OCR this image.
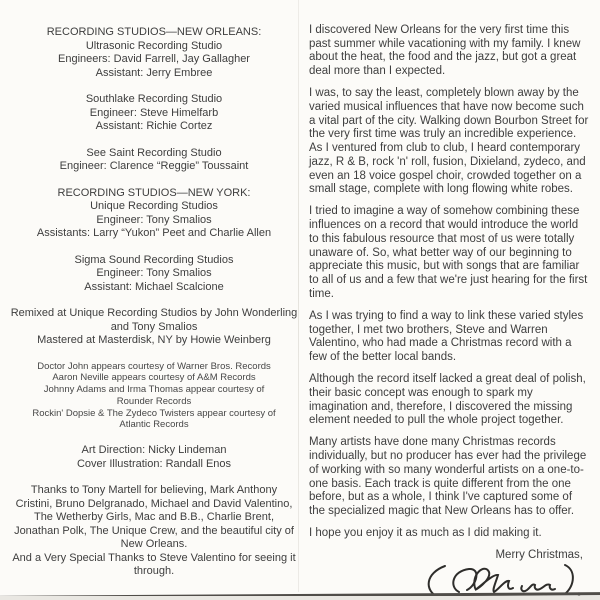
RECORDING STUDIOS—NEW ORLEANS:
Ultrasonic Recording Studio
Engineers: David Farrell, Jay Gallagher
Assistant: Jerry Embree
Southlake Recording Studio
Engineer: Steve Himelfarb
Assistant: Richie Cortez
See Saint Recording Studio
Engineer: Clarence “Reggie” Toussaint
RECORDING STUDIOS—NEW YORK:
Unique Recording Studios
Engineer: Tony Smalios
Assistants: Larry “Yukon” Peet and Charlie Allen
Sigma Sound Recording Studios
Engineer: Tony Smalios
Assistant: Michael Scalcione
Remixed at Unique Recording Studios by John Wonderling and Tony Smalios
Mastered at Masterdisk, NY by Howie Weinberg
Doctor John appears courtesy of Warner Bros. Records
Aaron Neville appears courtesy of A&M Records
Johnny Adams and Irma Thomas appear courtesy of Rounder Records
Rockin' Dopsie & The Zydeco Twisters appear courtesy of Atlantic Records
Art Direction: Nicky Lindeman
Cover Illustration: Randall Enos
Thanks to Tony Martell for believing, Mark Anthony Cristini, Bruno Delgranado, Michael and David Valentino, The Wetherby Girls, Mac and B.B., Charlie Brent, Jonathan Polk, The Unique Crew, and the beautiful city of New Orleans.
And a Very Special Thanks to Steve Valentino for seeing it through.

I discovered New Orleans for the very first time this past summer while vacationing with my family. I knew about the heat, the food and the jazz, but got a great deal more than I expected.

I was, to say the least, completely blown away by the varied musical influences that have now become such a vital part of the city. Walking down Bourbon Street for the very first time was truly an incredible experience. As I ventured from club to club, I heard contemporary jazz, R & B, rock 'n' roll, fusion, Dixieland, zydeco, and even an 18 voice gospel choir, crowded together on a small stage, complete with long flowing white robes.

I tried to imagine a way of somehow combining these influences on a record that would introduce the world to this fabulous resource that most of us were totally unaware of. So, what better way of our beginning to appreciate this music, but with songs that are familiar to all of us and a few that we're just hearing for the first time.

As I was trying to find a way to link these varied styles together, I met two brothers, Steve and Warren Valentino, who had made a Christmas record with a few of the better local bands.

Although the record itself lacked a great deal of polish, their basic concept was enough to spark my imagination and, therefore, I discovered the missing element needed to pull the whole project together.

Many artists have done many Christmas records individually, but no producer has ever had the privilege of working with so many wonderful artists on a one-to-one basis. Each track is quite different from the one before, but as a whole, I think I've captured some of the specialized magic that New Orleans has to offer.

I hope you enjoy it as much as I did making it.

Merry Christmas,
